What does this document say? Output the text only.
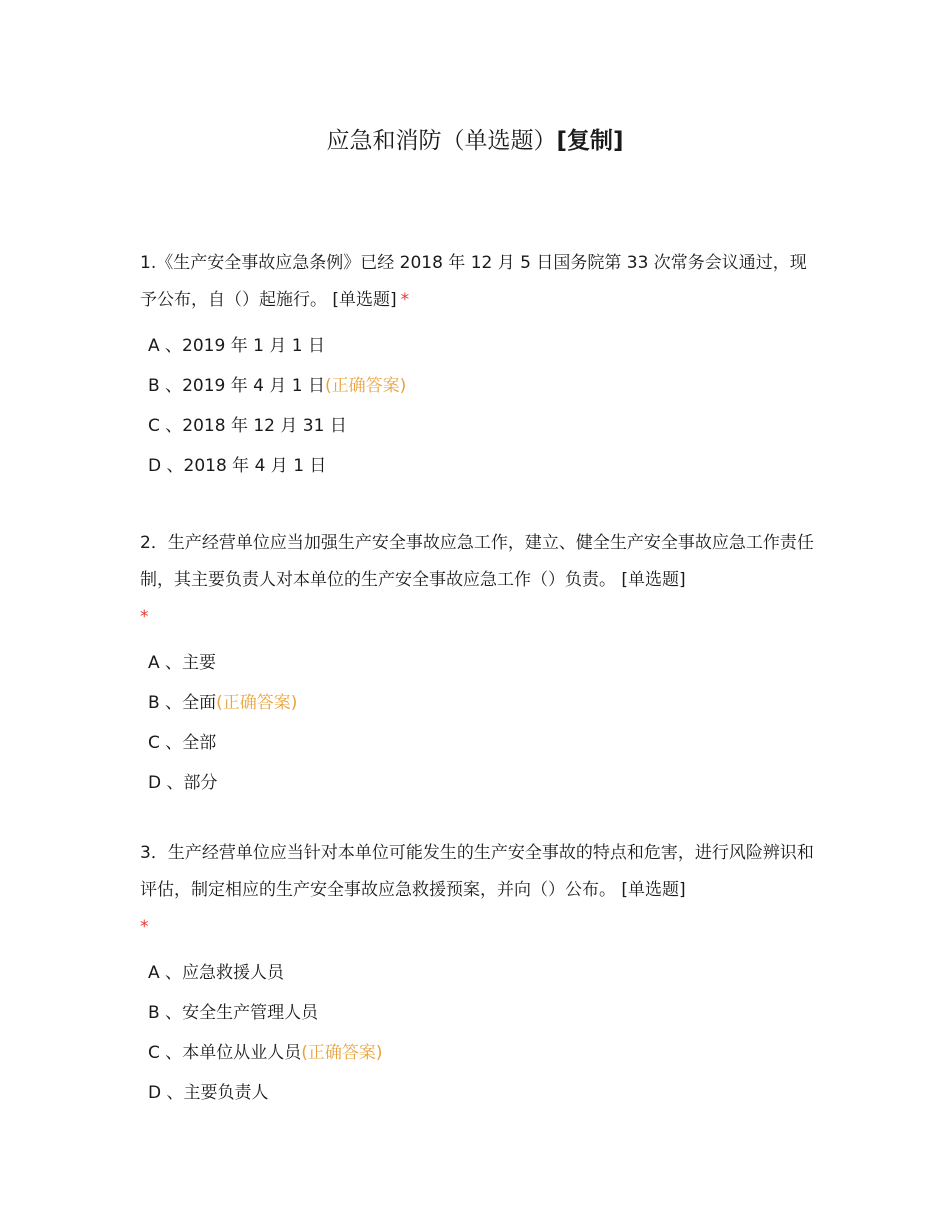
应急和消防（单选题）[复制]
1.《生产安全事故应急条例》已经 2018 年 12 月 5 日国务院第 33 次常务会议通过，现予公布，自（）起施行。 [单选题] *
A 、2019 年 1 月 1 日
B 、2019 年 4 月 1 日(正确答案)
C 、2018 年 12 月 31 日
D 、2018 年 4 月 1 日
2．生产经营单位应当加强生产安全事故应急工作，建立、健全生产安全事故应急工作责任制，其主要负责人对本单位的生产安全事故应急工作（）负责。 [单选题]
*
A 、主要
B 、全面(正确答案)
C 、全部
D 、部分
3．生产经营单位应当针对本单位可能发生的生产安全事故的特点和危害，进行风险辨识和评估，制定相应的生产安全事故应急救援预案，并向（）公布。 [单选题]
*
A 、应急救援人员
B 、安全生产管理人员
C 、本单位从业人员(正确答案)
D 、主要负责人
